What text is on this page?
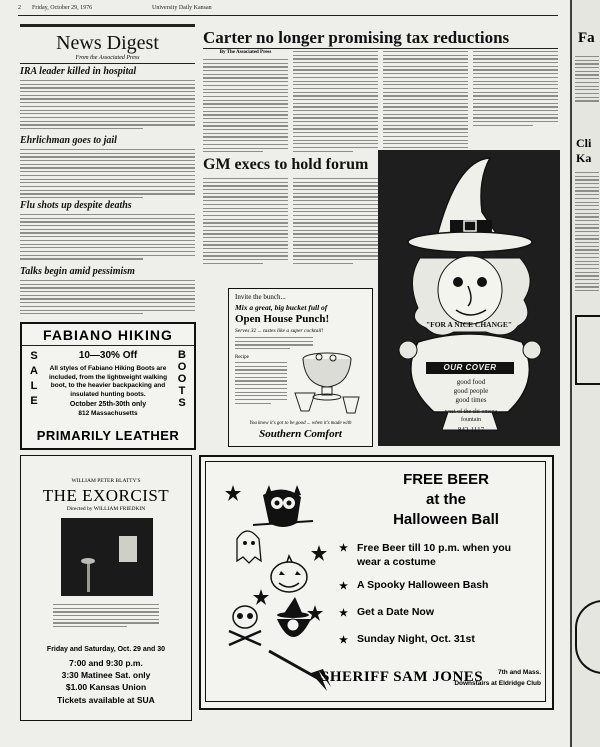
2 Friday, October 29, 1976	University Daily Kansan
News Digest
From the Associated Press
IRA leader killed in hospital
Ehrlichman goes to jail
Flu shots up despite deaths
Talks begin amid pessimism
Carter no longer promising tax reductions
By The Associated Press
GM execs to hold forum
FABIANO HIKING
S
A
L
E
B
O
O
T
S
10—30% Off
All styles of Fabiano Hiking Boots are included, from the lightweight walking boot, to the heavier backpacking and insulated hunting boots.
October 25th-30th only
812 Massachusetts
PRIMARILY LEATHER
Invite the bunch...
Mix a great, big bucket full of
Open House Punch!
Serves 32 ... tastes like a super cocktail!
Recipe
You know it's got to be good ... when it's made with
Southern Comfort
"FOR A NICE CHANGE"
OUR COVER
good food
good people
good times
west of the chi omega fountain
842-1117
WILLIAM PETER BLATTY'S
THE EXORCIST
Directed by WILLIAM FRIEDKIN
Friday and Saturday, Oct. 29 and 30
7:00 and 9:30 p.m.
3:30 Matinee Sat. only
$1.00 Kansas Union
Tickets available at SUA
FREE BEER
at the
Halloween Ball
★ Free Beer till 10 p.m. when you wear a costume
★ A Spooky Halloween Bash
★ Get a Date Now
★ Sunday Night, Oct. 31st
SHERIFF SAM JONES	7th and Mass.
Downstairs at Eldridge Club
Fa
Cli
Ka
